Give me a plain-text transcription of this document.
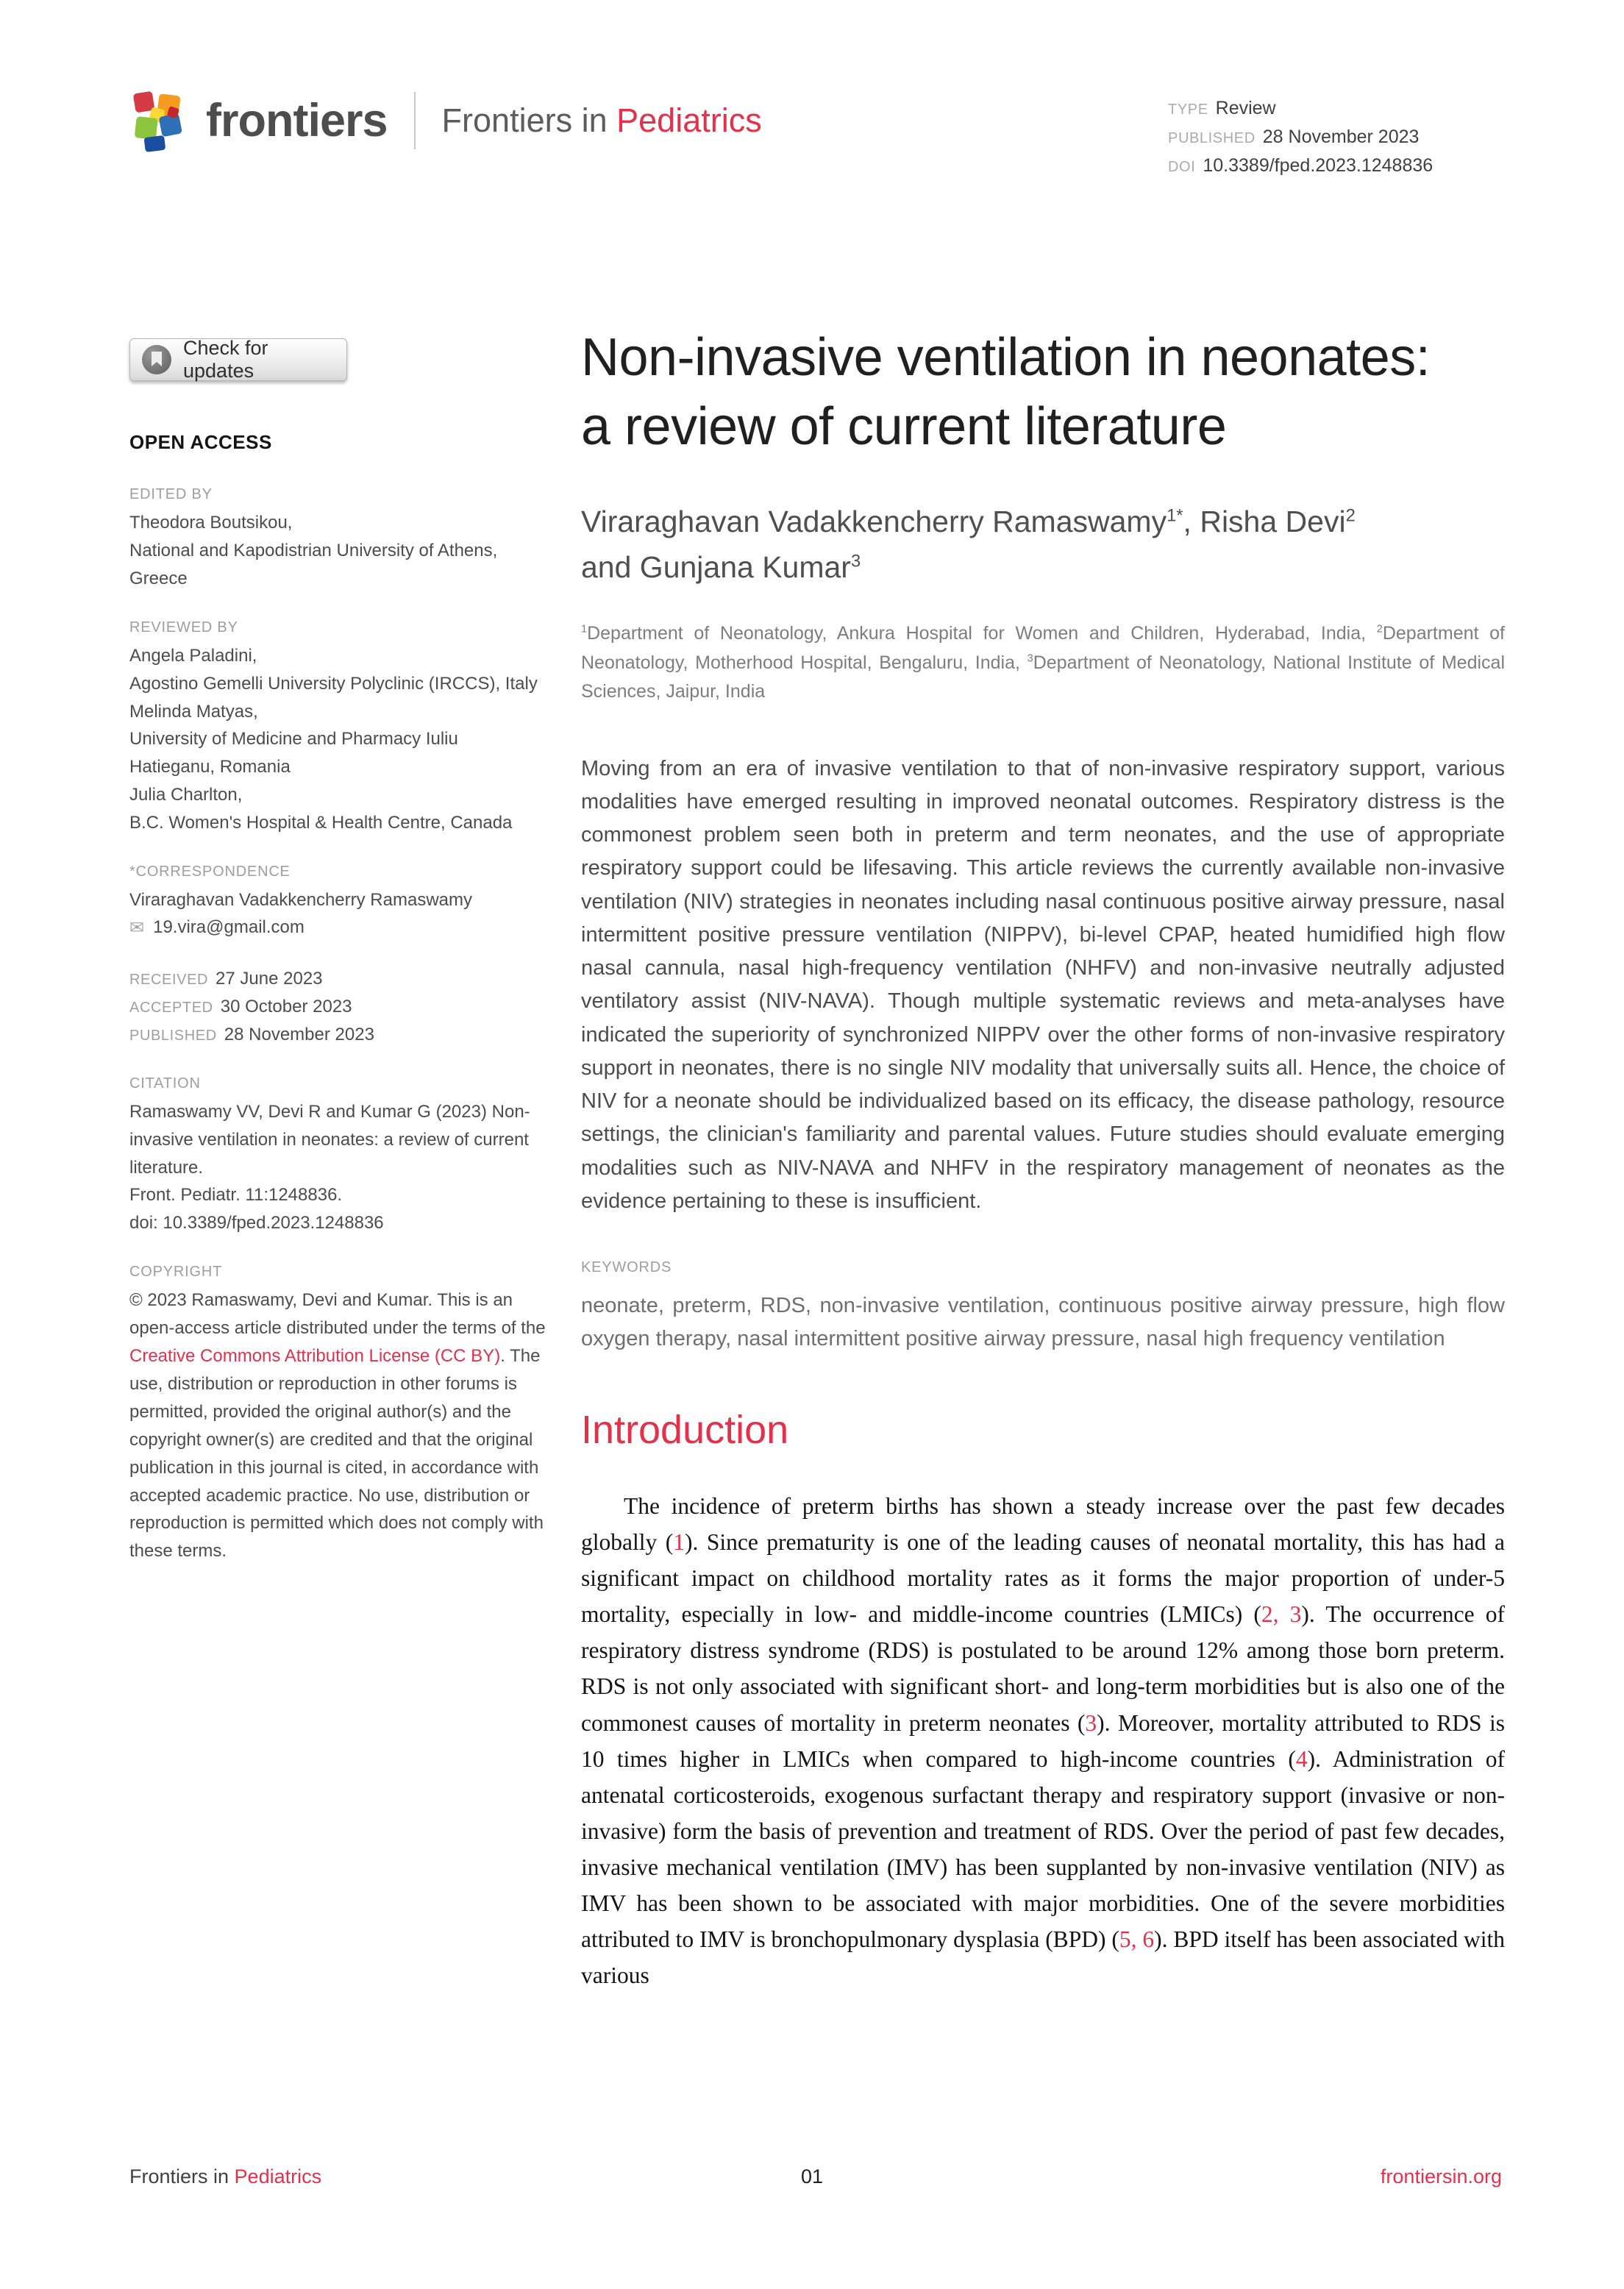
frontiers Frontiers in Pediatrics	TYPE Review
PUBLISHED 28 November 2023
DOI 10.3389/fped.2023.1248836
Check for updates
OPEN ACCESS
EDITED BY
Theodora Boutsikou,
National and Kapodistrian University of Athens, Greece
REVIEWED BY
Angela Paladini,
Agostino Gemelli University Polyclinic (IRCCS), Italy
Melinda Matyas,
University of Medicine and Pharmacy Iuliu Hatieganu, Romania
Julia Charlton,
B.C. Women's Hospital & Health Centre, Canada
*CORRESPONDENCE
Viraraghavan Vadakkencherry Ramaswamy
✉ 19.vira@gmail.com
RECEIVED 27 June 2023
ACCEPTED 30 October 2023
PUBLISHED 28 November 2023
CITATION
Ramaswamy VV, Devi R and Kumar G (2023) Non-invasive ventilation in neonates: a review of current literature.
Front. Pediatr. 11:1248836.
doi: 10.3389/fped.2023.1248836
COPYRIGHT
© 2023 Ramaswamy, Devi and Kumar. This is an open-access article distributed under the terms of the Creative Commons Attribution License (CC BY). The use, distribution or reproduction in other forums is permitted, provided the original author(s) and the copyright owner(s) are credited and that the original publication in this journal is cited, in accordance with accepted academic practice. No use, distribution or reproduction is permitted which does not comply with these terms.
Non-invasive ventilation in neonates: a review of current literature
Viraraghavan Vadakkencherry Ramaswamy$^{1*}$, Risha Devi$^2$
and Gunjana Kumar$^3$
$^1$Department of Neonatology, Ankura Hospital for Women and Children, Hyderabad, India, $^2$Department of Neonatology, Motherhood Hospital, Bengaluru, India, $^3$Department of Neonatology, National Institute of Medical Sciences, Jaipur, India

Moving from an era of invasive ventilation to that of non-invasive respiratory support, various modalities have emerged resulting in improved neonatal outcomes. Respiratory distress is the commonest problem seen both in preterm and term neonates, and the use of appropriate respiratory support could be lifesaving. This article reviews the currently available non-invasive ventilation (NIV) strategies in neonates including nasal continuous positive airway pressure, nasal intermittent positive pressure ventilation (NIPPV), bi-level CPAP, heated humidified high flow nasal cannula, nasal high-frequency ventilation (NHFV) and non-invasive neutrally adjusted ventilatory assist (NIV-NAVA). Though multiple systematic reviews and meta-analyses have indicated the superiority of synchronized NIPPV over the other forms of non-invasive respiratory support in neonates, there is no single NIV modality that universally suits all. Hence, the choice of NIV for a neonate should be individualized based on its efficacy, the disease pathology, resource settings, the clinician's familiarity and parental values. Future studies should evaluate emerging modalities such as NIV-NAVA and NHFV in the respiratory management of neonates as the evidence pertaining to these is insufficient.

KEYWORDS

neonate, preterm, RDS, non-invasive ventilation, continuous positive airway pressure, high flow oxygen therapy, nasal intermittent positive airway pressure, nasal high frequency ventilation

Introduction

The incidence of preterm births has shown a steady increase over the past few decades globally (1). Since prematurity is one of the leading causes of neonatal mortality, this has had a significant impact on childhood mortality rates as it forms the major proportion of under-5 mortality, especially in low- and middle-income countries (LMICs) (2, 3). The occurrence of respiratory distress syndrome (RDS) is postulated to be around 12% among those born preterm. RDS is not only associated with significant short- and long-term morbidities but is also one of the commonest causes of mortality in preterm neonates (3). Moreover, mortality attributed to RDS is 10 times higher in LMICs when compared to high-income countries (4). Administration of antenatal corticosteroids, exogenous surfactant therapy and respiratory support (invasive or non-invasive) form the basis of prevention and treatment of RDS. Over the period of past few decades, invasive mechanical ventilation (IMV) has been supplanted by non-invasive ventilation (NIV) as IMV has been shown to be associated with major morbidities. One of the severe morbidities attributed to IMV is bronchopulmonary dysplasia (BPD) (5, 6). BPD itself has been associated with various

Frontiers in Pediatrics	01	frontiersin.org
